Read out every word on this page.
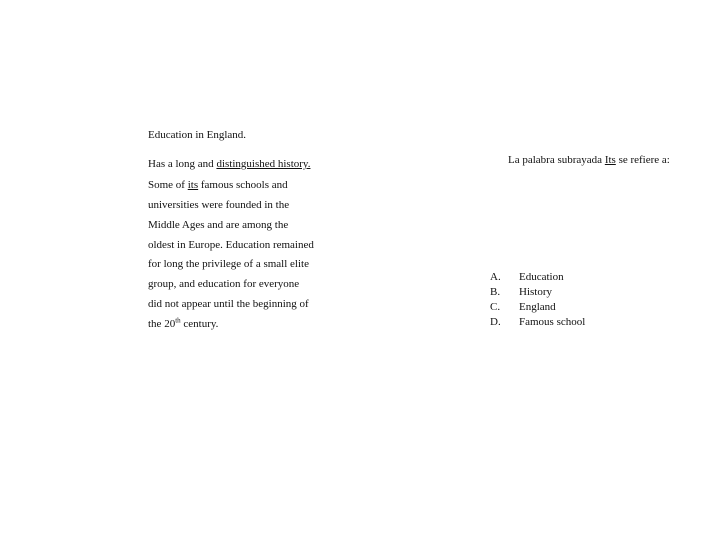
Education in England.
Has a long and distinguished history.
Some of its famous schools and
universities were founded in the
Middle Ages and are among the
oldest in Europe. Education remained
for long the privilege of a small elite
group, and education for everyone
did not appear until the beginning of
the 20th century.
La palabra subrayada Its se refiere a:
A. Education
B. History
C. England
D. Famous school
